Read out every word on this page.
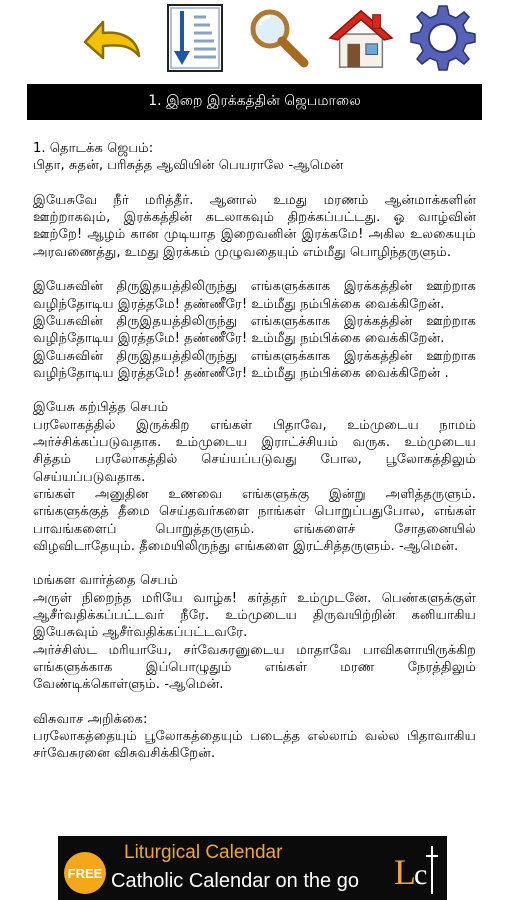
1. இறை இரக்கத்தின் ஜெபமாலை

1. தொடக்க ஜெபம்:

பிதா, சுதன், பரிசுத்த ஆவியின் பெயராலே -ஆமென்

இயேசுவே நீர் மரித்தீர். ஆனால் உமது மரணம் ஆன்மாக்களின் ஊற்றாகவும், இரக்கத்தின் கடலாகவும் திறக்கப்பட்டது. ஓ வாழ்வின் ஊற்றே! ஆழம் கான முடியாத இறைவனின் இரக்கமே! அகில உலகையும் அரவணைத்து, உமது இரக்கம் முழுவதையும் எம்மீது பொழிந்தருளும்.

இயேசுவின் திருஇதயத்திலிருந்து எங்களுக்காக இரக்கத்தின் ஊற்றாக வழிந்தோடிய இரத்தமே! தண்ணீரே! உம்மீது நம்பிக்கை வைக்கிறேன்.

இயேசுவின் திருஇதயத்திலிருந்து எங்களுக்காக இரக்கத்தின் ஊற்றாக வழிந்தோடிய இரத்தமே! தண்ணீரே! உம்மீது நம்பிக்கை வைக்கிறேன்.

இயேசுவின் திருஇதயத்திலிருந்து எங்களுக்காக இரக்கத்தின் ஊற்றாக வழிந்தோடிய இரத்தமே! தண்ணீரே! உம்மீது நம்பிக்கை வைக்கிறேன் .

இயேசு கற்பித்த செபம்

பரலோகத்தில் இருக்கிற எங்கள் பிதாவே, உம்முடைய நாமம் அர்ச்சிக்கப்படுவதாக. உம்முடைய இராட்ச்சியம் வருக. உம்முடைய சித்தம் பரலோகத்தில் செய்யப்படுவது போல, பூலோகத்திலும் செய்யப்படுவதாக.

எங்கள் அனுதின உணவை எங்களுக்கு இன்று அளித்தருளும். எங்களுக்குத் தீமை செய்தவர்களை நாங்கள் பொறுப்பதுபோல, எங்கள் பாவங்களைப் பொறுத்தருளும். எங்களைச் சோதனையில் விழவிடாதேயும். தீமையிலிருந்து எங்களை இரட்சித்தருளும். -ஆமென்.

மங்கள வார்த்தை செபம்

அருள் நிறைந்த மரியே வாழ்க! கர்த்தர் உம்முடனே. பெண்களுக்குள் ஆசீர்வதிக்கப்பட்டவர் நீரே. உம்முடைய திருவயிற்றின் கனியாகிய இயேசுவும் ஆசீர்வதிக்கப்பட்டவரே.

அர்ச்சிஸ்ட மரியாயே, சர்வேசுரனுடைய மாதாவே பாவிகளாயிருக்கிற எங்களுக்காக இப்பொழுதும் எங்கள் மரண நேரத்திலும் வேண்டிக்கொள்ளும். -ஆமென்.

விசுவாச அறிக்கை:

பரலோகத்தையும் பூலோகத்தையும் படைத்த எல்லாம் வல்ல பிதாவாகிய சர்வேசுரனை விசுவசிக்கிறேன்.

FREE
Liturgical Calendar
Catholic Calendar on the go L
c
